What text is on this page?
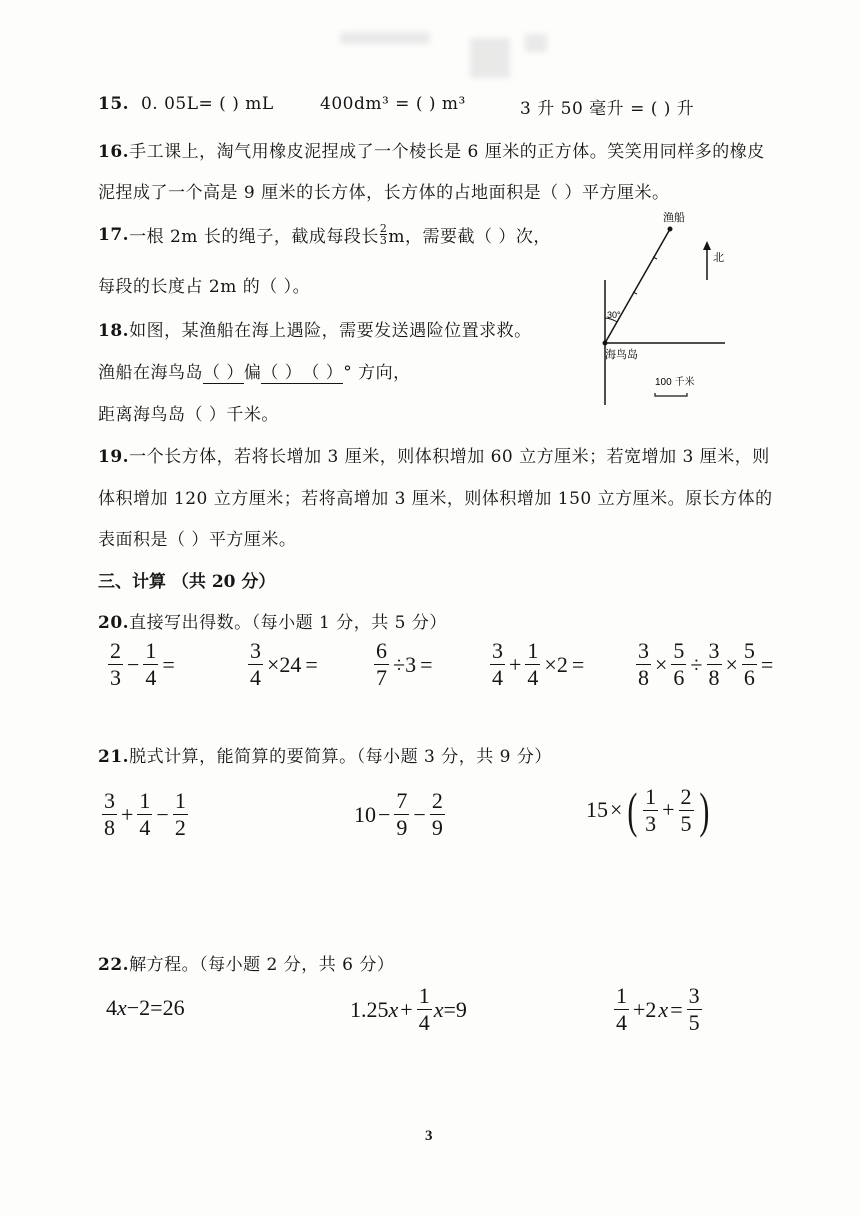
15. 0. 05L= ( ) mL	400dm³ = ( ) m³	3 升 50 毫升 = ( ) 升
16.手工课上，淘气用橡皮泥捏成了一个棱长是 6 厘米的正方体。笑笑用同样多的橡皮
泥捏成了一个高是 9 厘米的长方体，长方体的占地面积是（ ）平方厘米。
17. 一根 2m 长的绳子，截成每段长 $\frac{2}{3}$ m，需要截（ ）次，
每段的长度占 2m 的（ ）。
18.如图，某渔船在海上遇险，需要发送遇险位置求救。
渔船在海鸟岛（ ）偏（ ）（ ）° 方向，
距离海鸟岛（ ）千米。
渔船
北
30°
海鸟岛
100 千米
19.一个长方体，若将长增加 3 厘米，则体积增加 60 立方厘米；若宽增加 3 厘米，则
体积增加 120 立方厘米；若将高增加 3 厘米，则体积增加 150 立方厘米。原长方体的
表面积是（ ）平方厘米。
三、计算 （共 20 分）
20.直接写出得数。（每小题 1 分，共 5 分）
$\frac{2}{3} - \frac{1}{4}$ =	$\frac{3}{4} \times 24$ =	$\frac{6}{7} \div 3$ =	$\frac{3}{4} + \frac{1}{4} \times 2 = \frac{3}{8} \times \frac{5}{6} \div \frac{3}{8} \times \frac{5}{6}$ =
21.脱式计算，能简算的要简算。（每小题 3 分，共 9 分）
$\frac{3}{8} + \frac{1}{4} - \frac{1}{2}$	$10 - \frac{7}{9} - \frac{2}{9}$	15 × ( $\frac{1}{3} + \frac{2}{5}$ )
22.解方程。（每小题 2 分，共 6 分）
4 x −2=26	1.25 $x + \frac{1}{4}$ x =9	$\frac{1}{4} +2$ $x = \frac{3}{5}$
3
